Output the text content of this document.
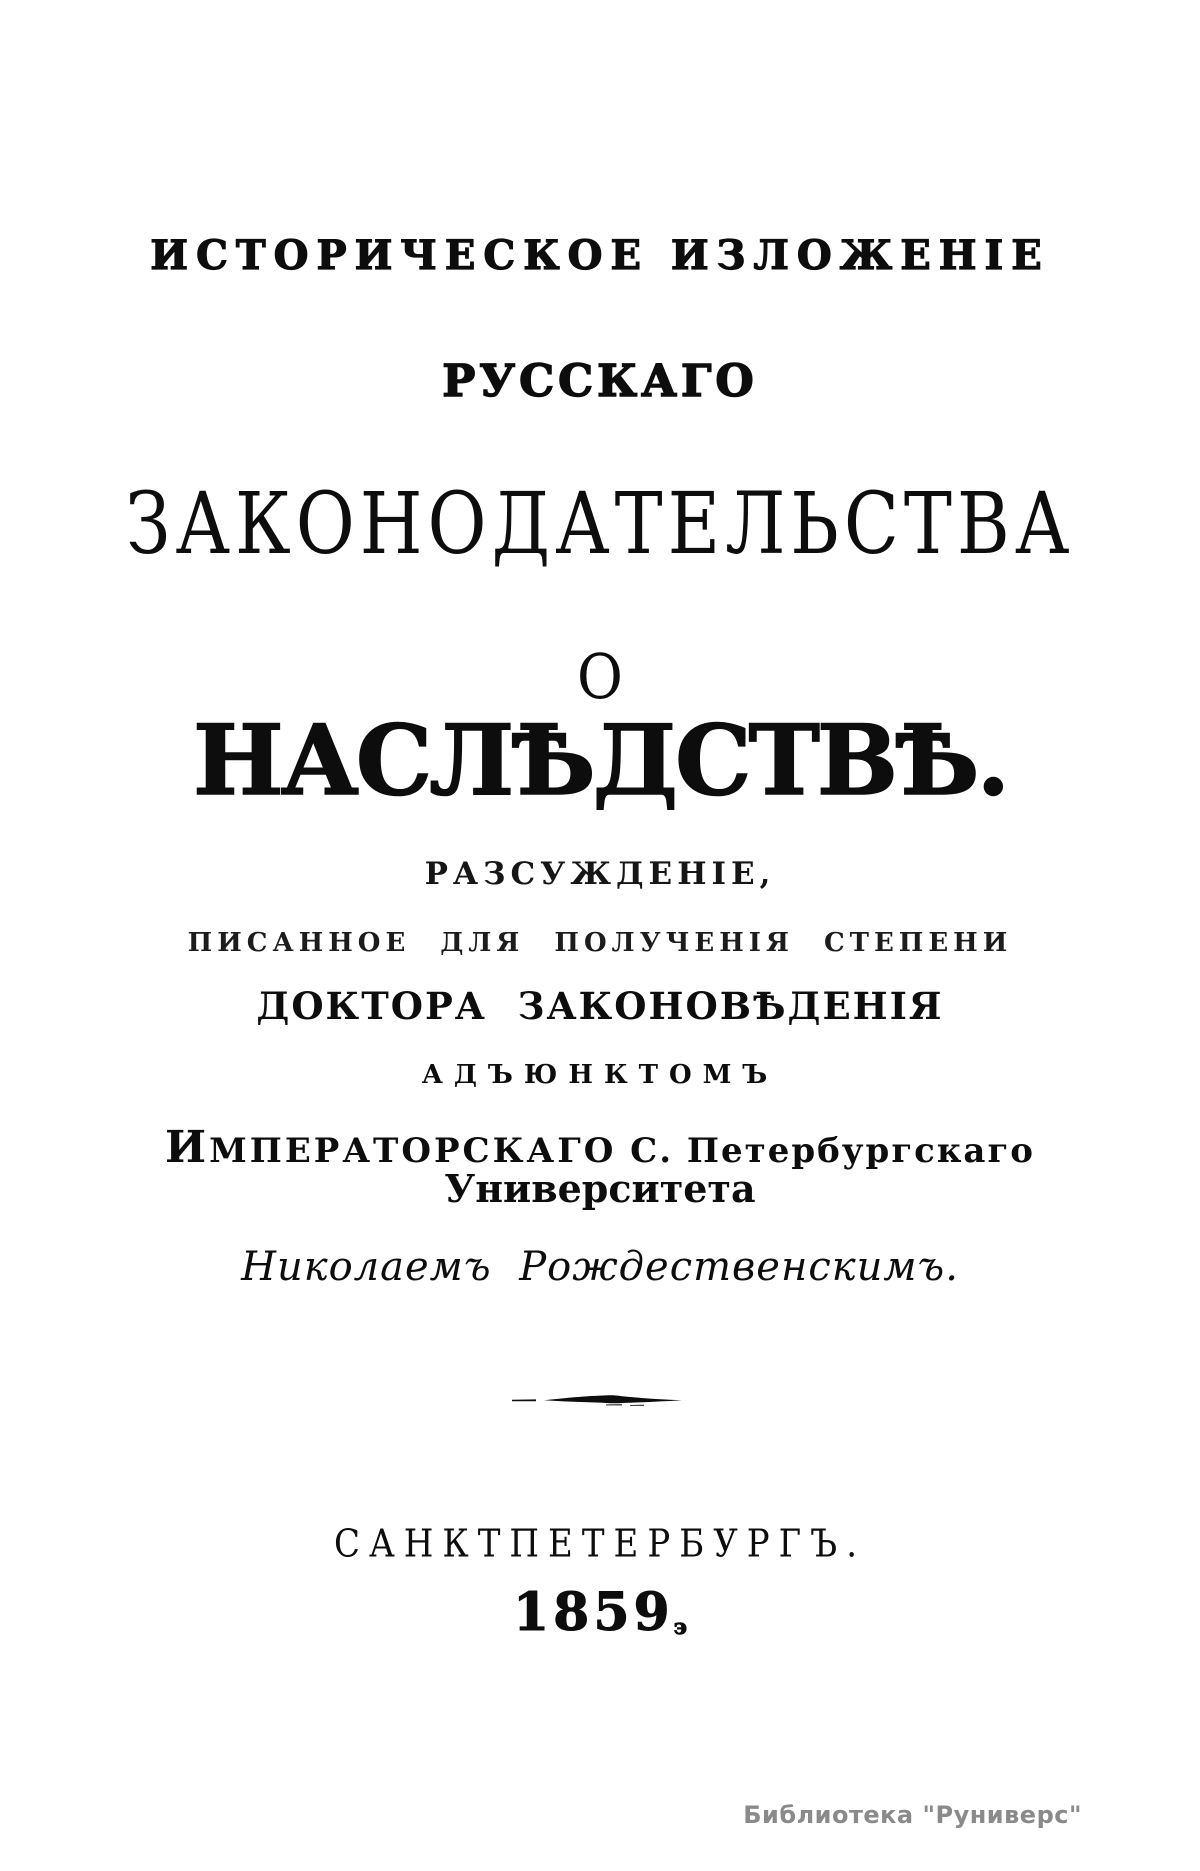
ИСТОРИЧЕСКОЕ ИЗЛОЖЕНІЕ
РУССКАГО
ЗАКОНОДАТЕЛЬСТВА
О
НАСЛѢДСТВѢ.
РАЗСУЖДЕНІЕ,
ПИСАННОЕ ДЛЯ ПОЛУЧЕНІЯ СТЕПЕНИ
ДОКТОРА ЗАКОНОВѢДЕНІЯ
АДЪЮНКТОМЪ
ИМПЕРАТОРСКАГО С. Петербургскаго
Университета
Николаемъ Рождественскимъ.
САНКТПЕТЕРБУРГЪ.
1859э
Библиотека "Руниверс"
